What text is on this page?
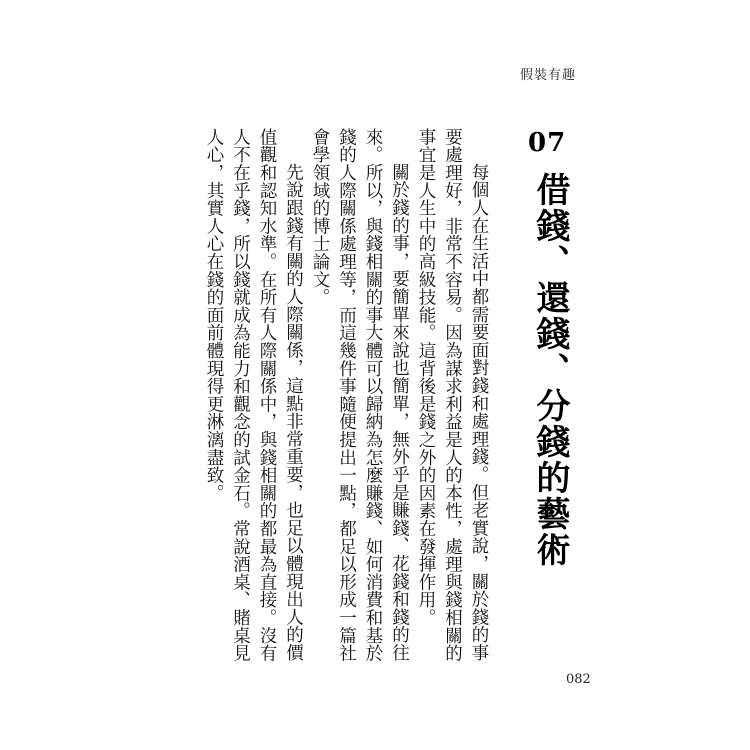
假裝有趣
07
借錢、還錢、分錢的藝術

每個人在生活中都需要面對錢和處理錢。但老實說，關於錢的事要處理好，非常不容易。因為謀求利益是人的本性，處理與錢相關的事宜是人生中的高級技能。這背後是錢之外的因素在發揮作用。

關於錢的事，要簡單來說也簡單，無外乎是賺錢、花錢和錢的往來。所以，與錢相關的事大體可以歸納為怎麼賺錢、如何消費和基於錢的人際關係處理等，而這幾件事隨便提出一點，都足以形成一篇社會學領域的博士論文。

先說跟錢有關的人際關係，這點非常重要，也足以體現出人的價值觀和認知水準。在所有人際關係中，與錢相關的都最為直接。沒有人不在乎錢，所以錢就成為能力和觀念的試金石。常說酒桌、賭桌見人心，其實人心在錢的面前體現得更淋漓盡致。

082
